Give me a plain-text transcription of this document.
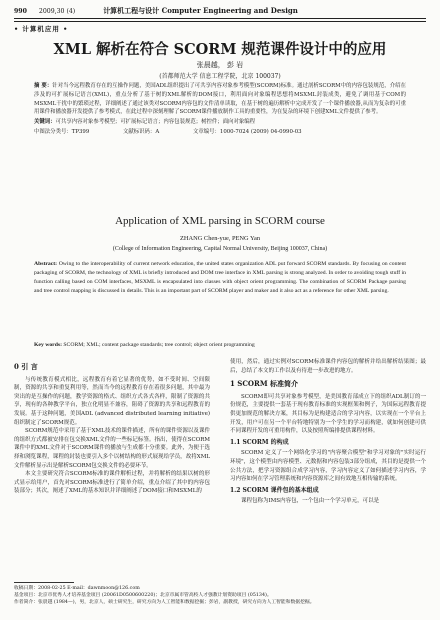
990 2009,30 (4)	计算机工程与设计 Computer Engineering and Design
• 计算机应用 •
XML 解析在符合 SCORM 规范课件设计中的应用
张晨越， 彭 岩
(首都师范大学 信息工程学院，北京 100037)
摘 要：针对当今远程教育存在的互操作问题，美国ADL组织提出了可共享内容对象参考模型(SCORM)标准。通过剖析SCORM中的内容包装规范，介绍在涉及的可扩展标记语言(XML)，重点分析了基于树的XML解析的DOM接口，利用面向对象编程思想将MSXML封装成类，避免了调用基于COM的MSXML干扰中的繁琐过程，详细阐述了通过该类对SCORM内容包的文件清单读取，在基于树的遍历解析中完成开发了一个课件播放器,从而为复杂的可重用课件和播放器开发提供了参考模式，在此过程中深刻理解了SCORM课件播放制作工具的重要性，为在复杂的环境下创建XML文件提供了参考。
关键词：可共享内容对象参考模型；可扩展标记语言；内容包装规范；树控件；面向对象编程
中图法分类号：TP399	文献标识码：A	文章编号：1000-7024 (2009) 04-0990-03
Application of XML parsing in SCORM course
ZHANG Chen-yue, PENG Yan
(College of Information Engineering, Capital Normal University, Beijing 100037, China)
Abstract: Owing to the interoperability of current network education, the united states organization ADL put forward SCORM standards. By focusing on content packaging of SCORM, the technology of XML is briefly introduced and DOM tree interface in XML parsing is strong analyzed. In order to avoiding tough stuff in function calling based on COM interfaces, MSXML is encapsulated into classes with object orient programming. The combination of SCORM Package parsing and tree control mapping is discussed in details. This is an important part of SCORM player and maker and it also act as a reference for other XML parsing.
Key words: SCORM; XML; content package standards; tree control; object orient programming
0 引 言

与传统教育模式相比，远程教育有着它显著的优势，如不受时间、空间限制，资源的共享和重复利用等，然而当今的远程教育存在着很多问题，其中最为突出的是互操作的问题，教学资源的格式、组织方式各式各样，限制了资源的共享，现有的各种教学平台，独立化明显不兼容，阻碍了资源的共享和远程教育的发展。基于这种问题，美国ADL (advanced distributed learning initiative)组织制定了SCORM规范。

SCORM规范中采用了基于XML技术的课件描述，所有的课件资源以及课件的组织方式都被安排在包交换XML文件的一些标记标签。指出，使得在SCORM课件中的XML文件对于SCORM课件的播放与生成都十分重要。此外，为便于选择和浏览课程，课程的封装也要引入多个以树结构的形式展现给学员，故将XML文件解析显示出是解析SCORM包交换文件的必要环节。

本文主要研究符合SCORM标准的课件解析过程，并将解析的结果以树的形式显示给用户，首先对SCORM标准进行了简单介绍，重点介绍了其中的内容包装部分；其次，阐述了XML的基本知识并详细阐述了DOM接口和MSXML的

使用，然后，通过实例对SCORM标准课件内容包的解析并给出解析结果图；最后，总结了本文的工作以及有待进一步改进的地方。

1 SCORM 标准简介

SCORM即可共享对象参考模型，是美国教育部成立下的组织ADL制订的一份规范，主要提供一套基于现有教育标准的实现框架和例子，为国际远程教育提供更加规范的解决方案，其目标为是构建适合的学习内容，以实现在一个平台上开发，用户可在另一个平台特地特别为一个学生的学习而构建，就如何创建可供不同课程开发的可重用构件，以及按照所编排提供课程材料。

1.1 SCORM 的构成

SCORM 定义了一个网络化学习的"内容聚合模型"和学习对象的"实时运行环境"，这个模型由内容模型、元数据和内容包装3部分组成，其目的是提供一个公共方法，把学习资源组合成学习内容，学习内容定义了如何描述学习内容，学习内容如何在学习管理系统和内容资源库之间有效地互相传输的系统。

1.2 SCORM 课件包的基本组成

课程包称为IMS内容包，一个包由一个学习单元，可以是

收稿日期：2008-02-25 E-mail：dawnmoon@126.com
基金项目：北京市优秀人才培养基金项目 (20061D0500600220)；北京市属市管高校人才强教计划资助项目 (05134)。
作者简介：张晨越 (1984—)，男，北京人，硕士研究生，研究方向为人工智能和数据挖掘；彭岩，副教授，研究方向为人工智能和数据挖掘。
